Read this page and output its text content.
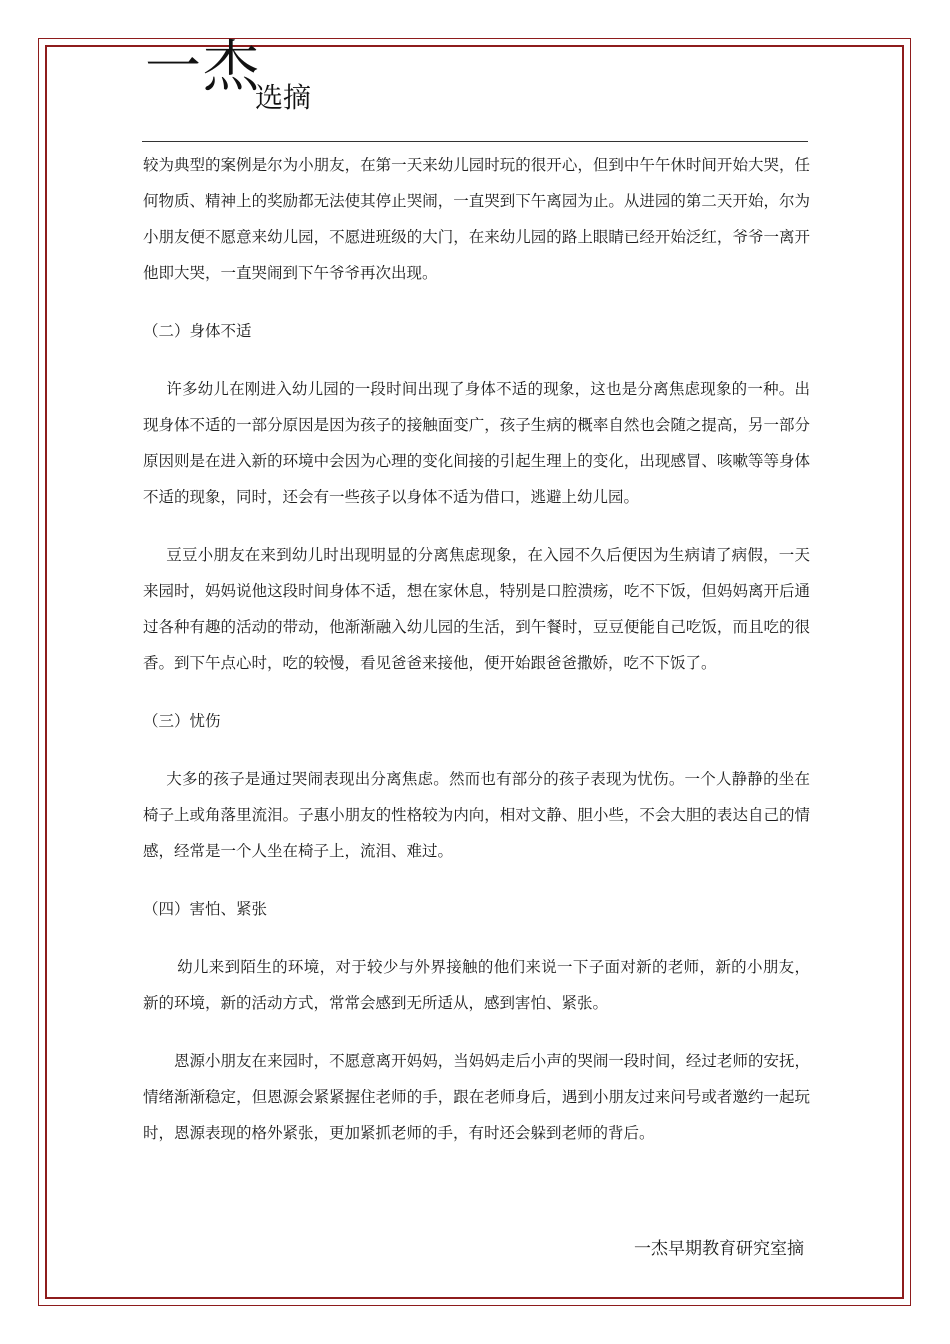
一杰
选摘

较为典型的案例是尔为小朋友，在第一天来幼儿园时玩的很开心，但到中午午休时间开始大哭，任何物质、精神上的奖励都无法使其停止哭闹，一直哭到下午离园为止。从进园的第二天开始，尔为小朋友便不愿意来幼儿园，不愿进班级的大门，在来幼儿园的路上眼睛已经开始泛红，爷爷一离开他即大哭，一直哭闹到下午爷爷再次出现。

（二）身体不适

许多幼儿在刚进入幼儿园的一段时间出现了身体不适的现象，这也是分离焦虑现象的一种。出现身体不适的一部分原因是因为孩子的接触面变广，孩子生病的概率自然也会随之提高，另一部分原因则是在进入新的环境中会因为心理的变化间接的引起生理上的变化，出现感冒、咳嗽等等身体不适的现象，同时，还会有一些孩子以身体不适为借口，逃避上幼儿园。

豆豆小朋友在来到幼儿时出现明显的分离焦虑现象，在入园不久后便因为生病请了病假，一天来园时，妈妈说他这段时间身体不适，想在家休息，特别是口腔溃疡，吃不下饭，但妈妈离开后通过各种有趣的活动的带动，他渐渐融入幼儿园的生活，到午餐时，豆豆便能自己吃饭，而且吃的很香。到下午点心时，吃的较慢，看见爸爸来接他，便开始跟爸爸撒娇，吃不下饭了。

（三）忧伤

大多的孩子是通过哭闹表现出分离焦虑。然而也有部分的孩子表现为忧伤。一个人静静的坐在椅子上或角落里流泪。子惠小朋友的性格较为内向，相对文静、胆小些，不会大胆的表达自己的情感，经常是一个人坐在椅子上，流泪、难过。

（四）害怕、紧张

幼儿来到陌生的环境，对于较少与外界接触的他们来说一下子面对新的老师，新的小朋友，新的环境，新的活动方式，常常会感到无所适从，感到害怕、紧张。

恩源小朋友在来园时，不愿意离开妈妈，当妈妈走后小声的哭闹一段时间，经过老师的安抚，情绪渐渐稳定，但恩源会紧紧握住老师的手，跟在老师身后，遇到小朋友过来问号或者邀约一起玩时，恩源表现的格外紧张，更加紧抓老师的手，有时还会躲到老师的背后。

一杰早期教育研究室摘
